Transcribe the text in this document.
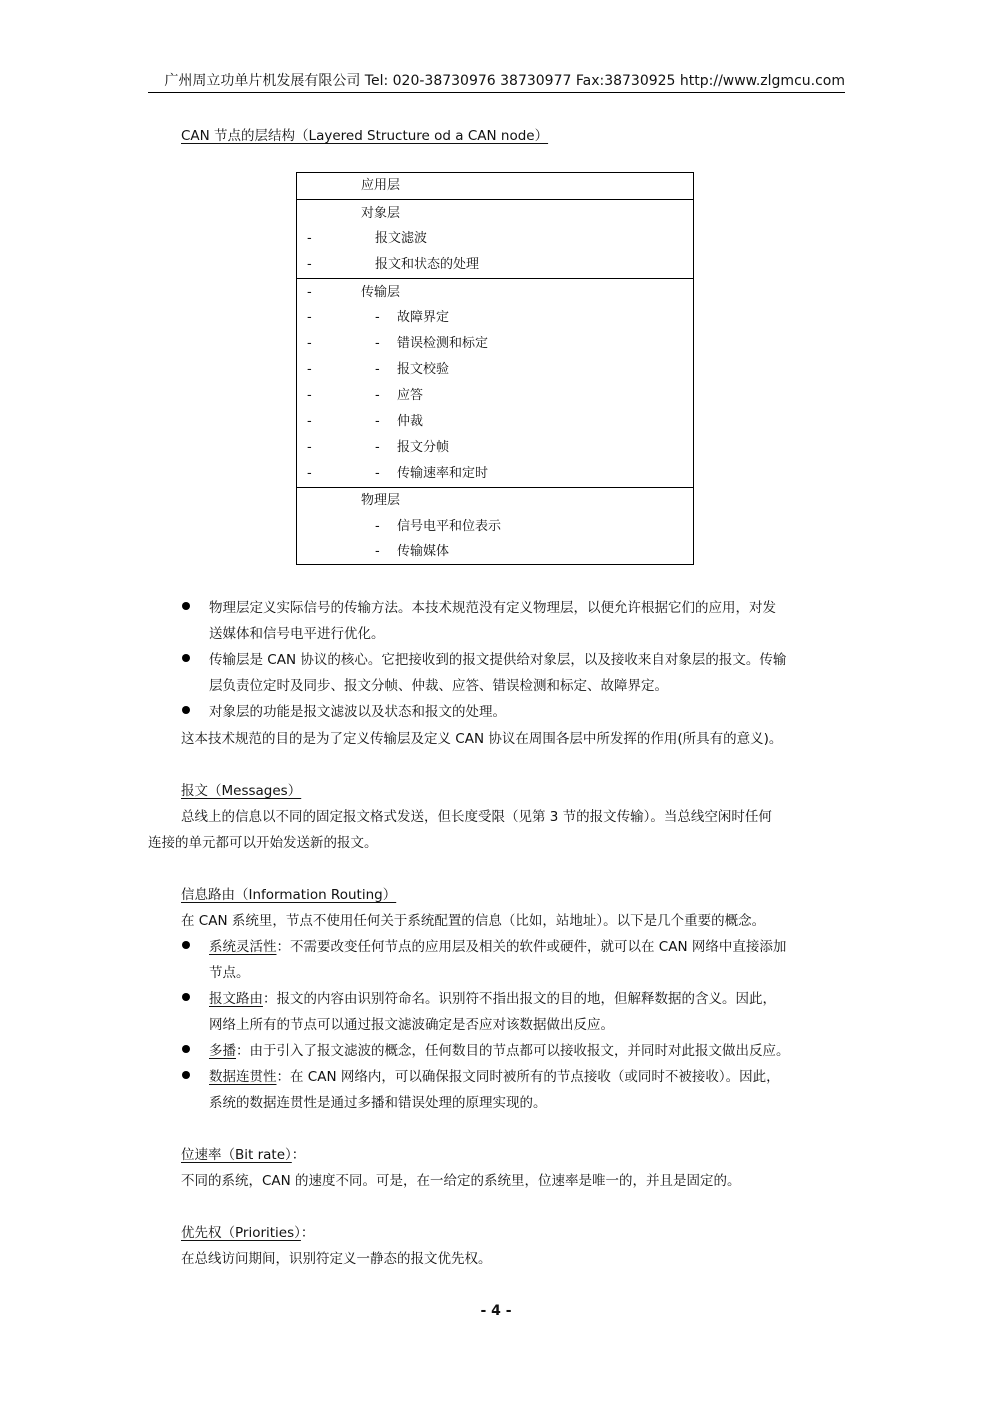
广州周立功单片机发展有限公司 Tel: 020-38730976 38730977 Fax:38730925 http://www.zlgmcu.com
CAN 节点的层结构（Layered Structure od a CAN node）
应用层
对象层
-	报文滤波
-	报文和状态的处理
-	传输层
-	- 故障界定
-	- 错误检测和标定
-	- 报文校验
-	- 应答
-	- 仲裁
-	- 报文分帧
-	- 传输速率和定时
物理层
- 信号电平和位表示
- 传输媒体
物理层定义实际信号的传输方法。本技术规范没有定义物理层，以便允许根据它们的应用，对发
送媒体和信号电平进行优化。
传输层是 CAN 协议的核心。它把接收到的报文提供给对象层，以及接收来自对象层的报文。传输
层负责位定时及同步、报文分帧、仲裁、应答、错误检测和标定、故障界定。
对象层的功能是报文滤波以及状态和报文的处理。
这本技术规范的目的是为了定义传输层及定义 CAN 协议在周围各层中所发挥的作用(所具有的意义)。
报文（Messages）
总线上的信息以不同的固定报文格式发送，但长度受限（见第 3 节的报文传输）。当总线空闲时任何
连接的单元都可以开始发送新的报文。
信息路由（Information Routing）
在 CAN 系统里，节点不使用任何关于系统配置的信息（比如，站地址）。以下是几个重要的概念。
系统灵活性：不需要改变任何节点的应用层及相关的软件或硬件，就可以在 CAN 网络中直接添加
节点。
报文路由：报文的内容由识别符命名。识别符不指出报文的目的地，但解释数据的含义。因此，
网络上所有的节点可以通过报文滤波确定是否应对该数据做出反应。
多播：由于引入了报文滤波的概念，任何数目的节点都可以接收报文，并同时对此报文做出反应。
数据连贯性：在 CAN 网络内，可以确保报文同时被所有的节点接收（或同时不被接收）。因此，
系统的数据连贯性是通过多播和错误处理的原理实现的。
位速率（Bit rate）：
不同的系统，CAN 的速度不同。可是，在一给定的系统里，位速率是唯一的，并且是固定的。
优先权（Priorities）：
在总线访问期间，识别符定义一静态的报文优先权。
- 4 -
